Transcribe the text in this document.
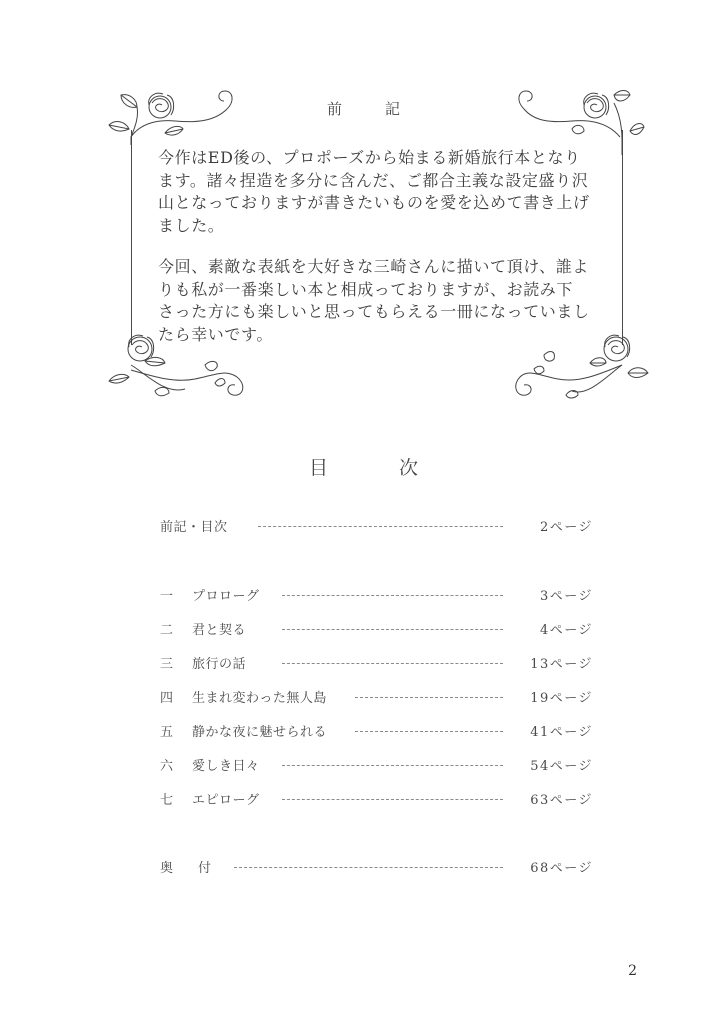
前　記
今作はED後の、プロポーズから始まる新婚旅行本となり
ます。諸々捏造を多分に含んだ、ご都合主義な設定盛り沢
山となっておりますが書きたいものを愛を込めて書き上げ
ました。
今回、素敵な表紙を大好きな三崎さんに描いて頂け、誰よ
りも私が一番楽しい本と相成っておりますが、お読み下
さった方にも楽しいと思ってもらえる一冊になっていまし
たら幸いです。
目　次
前記・目次	2ページ
一 プロローグ	3ページ
二 君と契る	4ページ
三 旅行の話	13ページ
四 生まれ変わった無人島	19ページ
五 静かな夜に魅せられる	41ページ
六 愛しき日々	54ページ
七 エピローグ	63ページ
奥　付	68ページ
2
